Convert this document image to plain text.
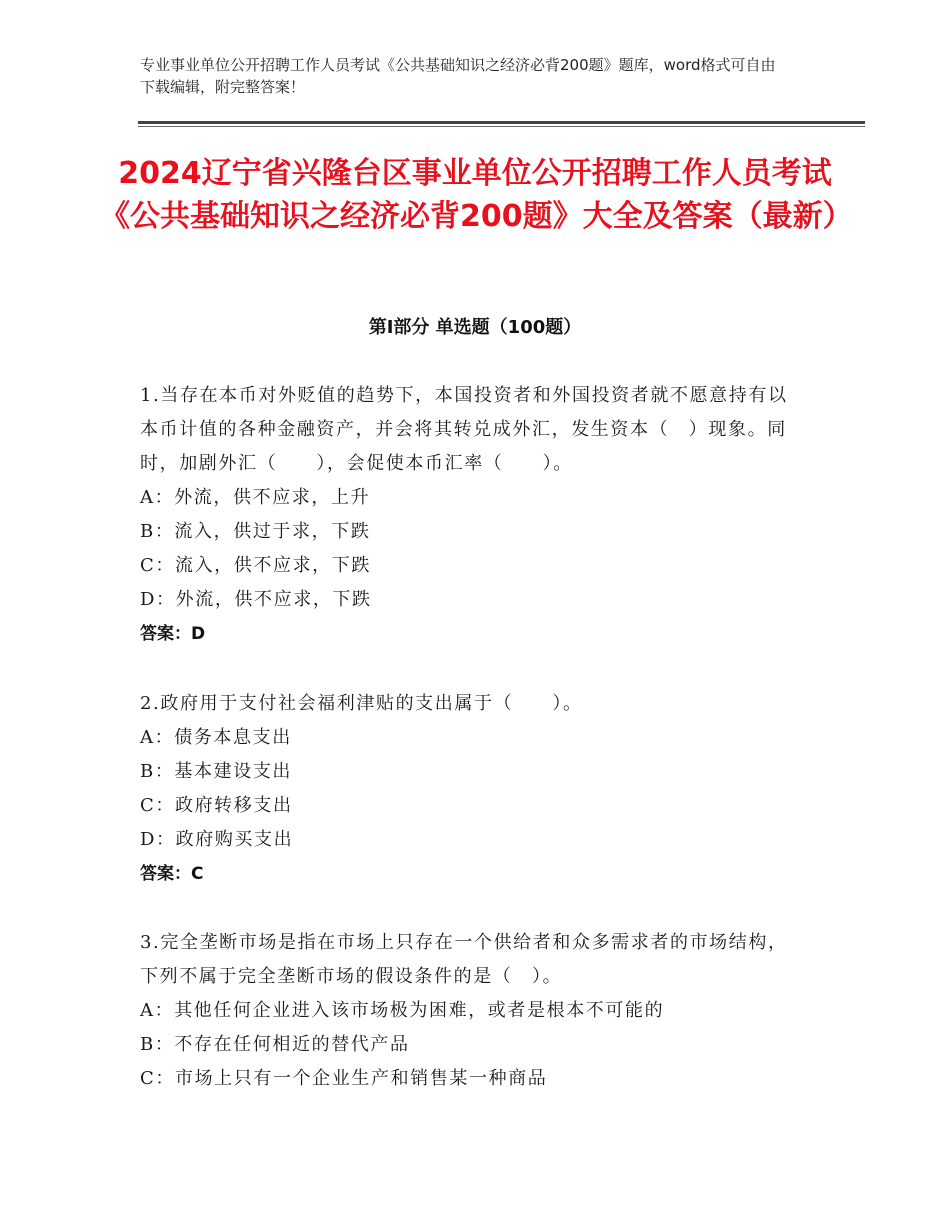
专业事业单位公开招聘工作人员考试《公共基础知识之经济必背200题》题库，word格式可自由下载编辑，附完整答案！
2024辽宁省兴隆台区事业单位公开招聘工作人员考试《公共基础知识之经济必背200题》大全及答案（最新）
第I部分 单选题（100题）
1.当存在本币对外贬值的趋势下，本国投资者和外国投资者就不愿意持有以本币计值的各种金融资产，并会将其转兑成外汇，发生资本（　）现象。同时，加剧外汇（　　），会促使本币汇率（　　）。
A：外流，供不应求，上升
B：流入，供过于求，下跌
C：流入，供不应求，下跌
D：外流，供不应求，下跌
答案：D
2.政府用于支付社会福利津贴的支出属于（　　）。
A：债务本息支出
B：基本建设支出
C：政府转移支出
D：政府购买支出
答案：C
3.完全垄断市场是指在市场上只存在一个供给者和众多需求者的市场结构，下列不属于完全垄断市场的假设条件的是（　）。
A：其他任何企业进入该市场极为困难，或者是根本不可能的
B：不存在任何相近的替代产品
C：市场上只有一个企业生产和销售某一种商品
